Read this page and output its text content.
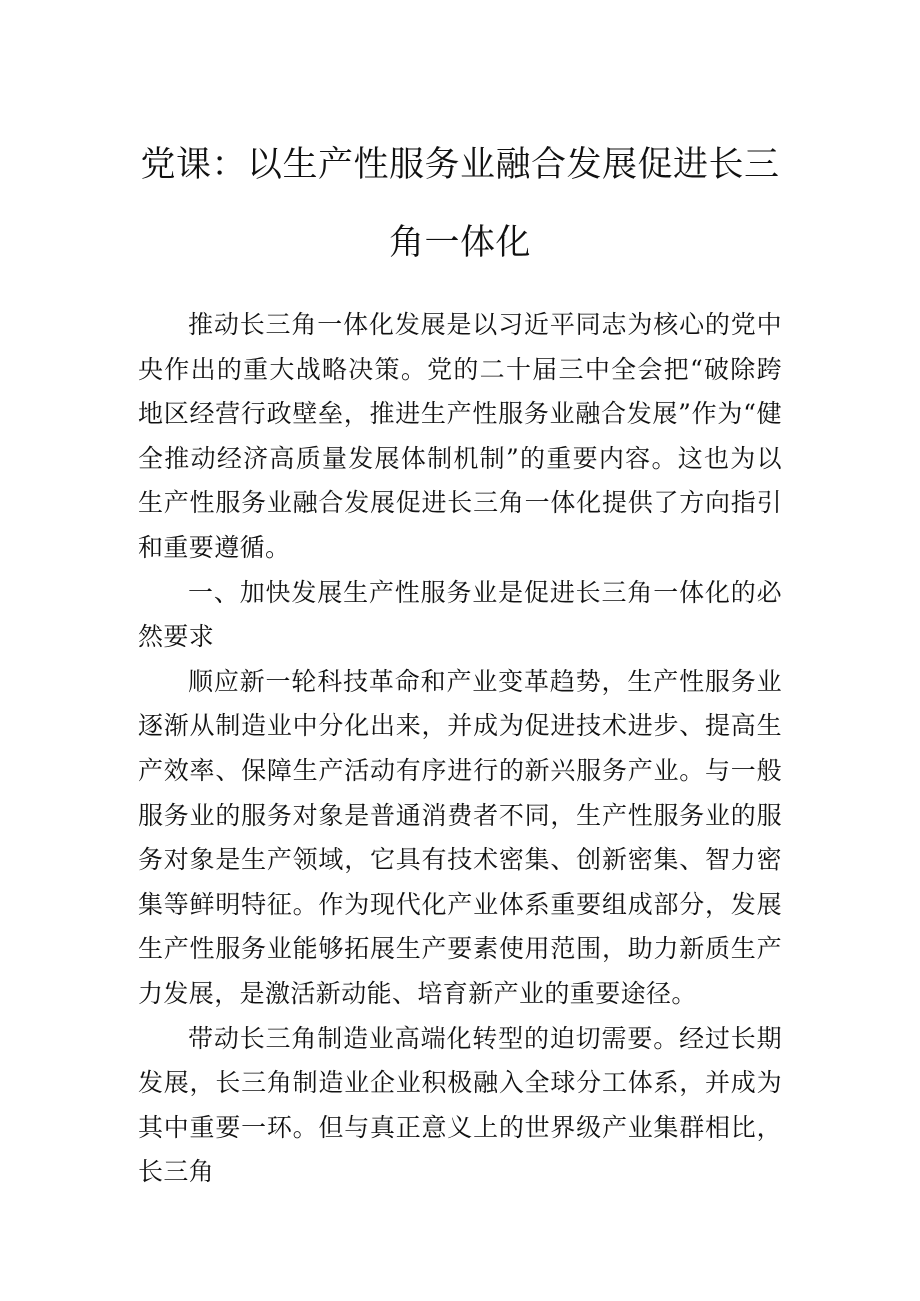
党课：以生产性服务业融合发展促进长三
角一体化

推动长三角一体化发展是以习近平同志为核心的党中央作出的重大战略决策。党的二十届三中全会把“破除跨地区经营行政壁垒，推进生产性服务业融合发展”作为“健全推动经济高质量发展体制机制”的重要内容。这也为以生产性服务业融合发展促进长三角一体化提供了方向指引和重要遵循。

一、加快发展生产性服务业是促进长三角一体化的必然要求

顺应新一轮科技革命和产业变革趋势，生产性服务业逐渐从制造业中分化出来，并成为促进技术进步、提高生产效率、保障生产活动有序进行的新兴服务产业。与一般服务业的服务对象是普通消费者不同，生产性服务业的服务对象是生产领域，它具有技术密集、创新密集、智力密集等鲜明特征。作为现代化产业体系重要组成部分，发展生产性服务业能够拓展生产要素使用范围，助力新质生产力发展，是激活新动能、培育新产业的重要途径。

带动长三角制造业高端化转型的迫切需要。经过长期发展，长三角制造业企业积极融入全球分工体系，并成为其中重要一环。但与真正意义上的世界级产业集群相比，长三角
